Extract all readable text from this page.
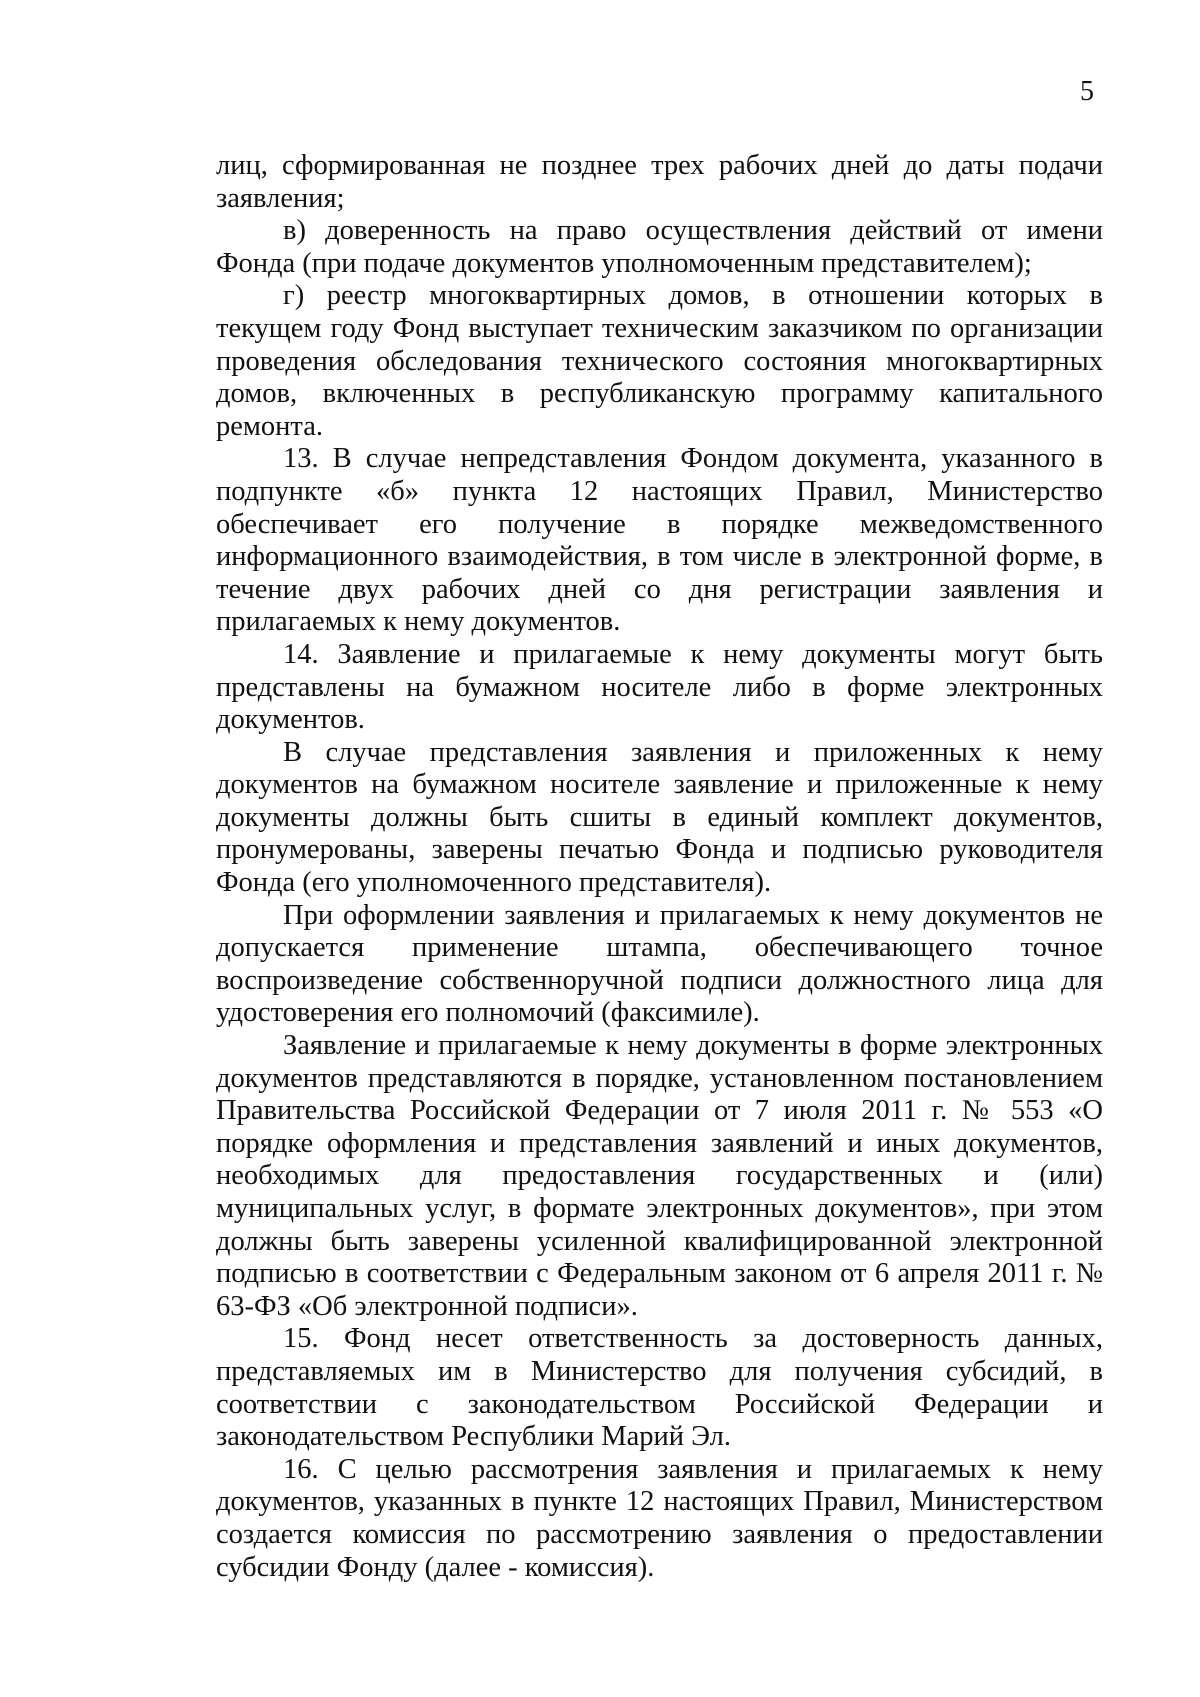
5

лиц, сформированная не позднее трех рабочих дней до даты подачи заявления;

в) доверенность на право осуществления действий от имени Фонда (при подаче документов уполномоченным представителем);

г) реестр многоквартирных домов, в отношении которых в текущем году Фонд выступает техническим заказчиком по организации проведения обследования технического состояния многоквартирных домов, включенных в республиканскую программу капитального ремонта.

13. В случае непредставления Фондом документа, указанного в подпункте «б» пункта 12 настоящих Правил, Министерство обеспечивает его получение в порядке межведомственного информационного взаимодействия, в том числе в электронной форме, в течение двух рабочих дней со дня регистрации заявления и прилагаемых к нему документов.

14. Заявление и прилагаемые к нему документы могут быть представлены на бумажном носителе либо в форме электронных документов.

В случае представления заявления и приложенных к нему документов на бумажном носителе заявление и приложенные к нему документы должны быть сшиты в единый комплект документов, пронумерованы, заверены печатью Фонда и подписью руководителя Фонда (его уполномоченного представителя).

При оформлении заявления и прилагаемых к нему документов не допускается применение штампа, обеспечивающего точное воспроизведение собственноручной подписи должностного лица для удостоверения его полномочий (факсимиле).

Заявление и прилагаемые к нему документы в форме электронных документов представляются в порядке, установленном постановлением Правительства Российской Федерации от 7 июля 2011 г. № 553 «О порядке оформления и представления заявлений и иных документов, необходимых для предоставления государственных и (или) муниципальных услуг, в формате электронных документов», при этом должны быть заверены усиленной квалифицированной электронной подписью в соответствии с Федеральным законом от 6 апреля 2011 г. № 63-ФЗ «Об электронной подписи».

15. Фонд несет ответственность за достоверность данных, представляемых им в Министерство для получения субсидий, в соответствии с законодательством Российской Федерации и законодательством Республики Марий Эл.

16. С целью рассмотрения заявления и прилагаемых к нему документов, указанных в пункте 12 настоящих Правил, Министерством создается комиссия по рассмотрению заявления о предоставлении субсидии Фонду (далее - комиссия).
